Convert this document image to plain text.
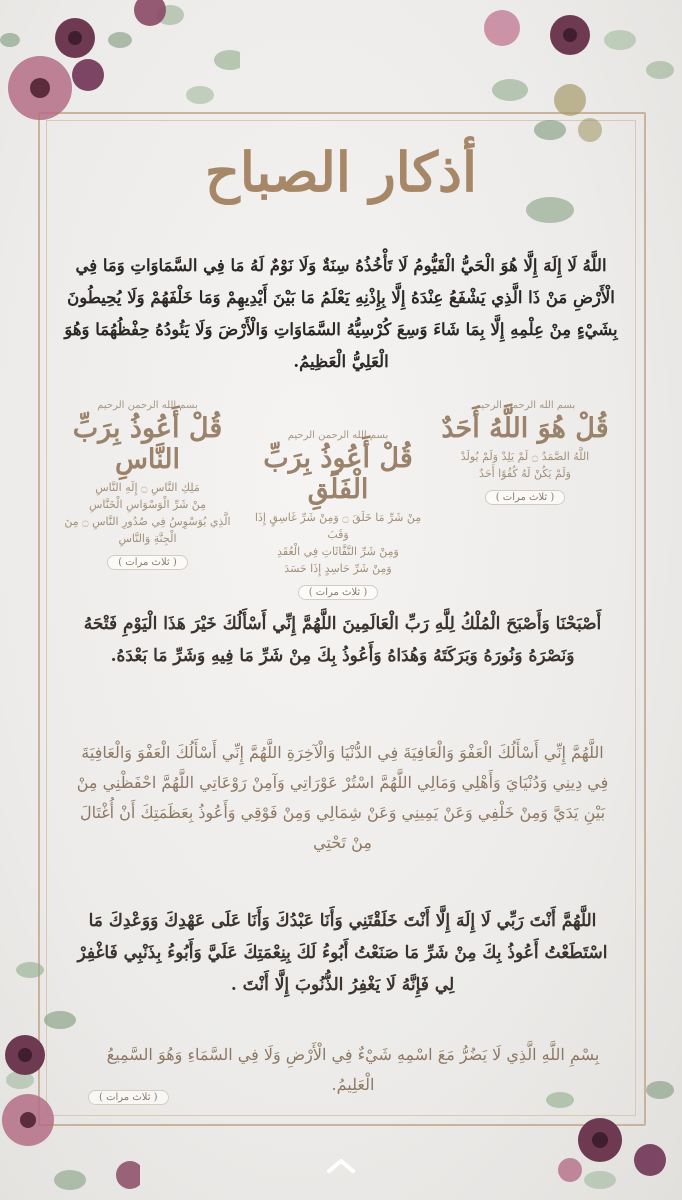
أذكار الصباح
اللَّهُ لَا إِلَهَ إِلَّا هُوَ الْحَيُّ الْقَيُّومُ لَا تَأْخُذُهُ سِنَةٌ وَلَا نَوْمٌ لَهُ مَا فِي السَّمَاوَاتِ وَمَا فِي الْأَرْضِ مَنْ ذَا الَّذِي يَشْفَعُ عِنْدَهُ إِلَّا بِإِذْنِهِ يَعْلَمُ مَا بَيْنَ أَيْدِيهِمْ وَمَا خَلْفَهُمْ وَلَا يُحِيطُونَ بِشَيْءٍ مِنْ عِلْمِهِ إِلَّا بِمَا شَاءَ وَسِعَ كُرْسِيُّهُ السَّمَاوَاتِ وَالْأَرْضَ وَلَا يَئُودُهُ حِفْظُهُمَا وَهُوَ الْعَلِيُّ الْعَظِيمُ.
بسم الله الرحمن الرحيم
قُلْ هُوَ اللَّهُ أَحَدٌ
اللَّهُ الصَّمَدُ ۝ لَمْ يَلِدْ وَلَمْ يُولَدْ
وَلَمْ يَكُنْ لَهُ كُفُوًا أَحَدٌ
( ثلاث مرات )
بسم الله الرحمن الرحيم
قُلْ أَعُوذُ بِرَبِّ الْفَلَقِ
مِنْ شَرِّ مَا خَلَقَ ۝ وَمِنْ شَرِّ غَاسِقٍ إِذَا وَقَبَ
وَمِنْ شَرِّ النَّفَّاثَاتِ فِي الْعُقَدِ
وَمِنْ شَرِّ حَاسِدٍ إِذَا حَسَدَ
( ثلاث مرات )
بسم الله الرحمن الرحيم
قُلْ أَعُوذُ بِرَبِّ النَّاسِ
مَلِكِ النَّاسِ ۝ إِلَهِ النَّاسِ
مِنْ شَرِّ الْوَسْوَاسِ الْخَنَّاسِ
الَّذِي يُوَسْوِسُ فِي صُدُورِ النَّاسِ ۝ مِنَ الْجِنَّةِ وَالنَّاسِ
( ثلاث مرات )
أَصْبَحْنَا وَأَصْبَحَ الْمُلْكُ لِلَّهِ رَبِّ الْعَالَمِينَ اللَّهُمَّ إِنِّي أَسْأَلُكَ خَيْرَ هَذَا الْيَوْمِ فَتْحَهُ وَنَصْرَهُ وَنُورَهُ وَبَرَكَتَهُ وَهُدَاهُ وَأَعُوذُ بِكَ مِنْ شَرِّ مَا فِيهِ وَشَرِّ مَا بَعْدَهُ.
اللَّهُمَّ إِنِّي أَسْأَلُكَ الْعَفْوَ وَالْعَافِيَةَ فِي الدُّنْيَا وَالْآخِرَةِ اللَّهُمَّ إِنِّي أَسْأَلُكَ الْعَفْوَ وَالْعَافِيَةَ فِي دِينِي وَدُنْيَايَ وَأَهْلِي وَمَالِي اللَّهُمَّ اسْتُرْ عَوْرَاتِي وَآمِنْ رَوْعَاتِي اللَّهُمَّ احْفَظْنِي مِنْ بَيْنِ يَدَيَّ وَمِنْ خَلْفِي وَعَنْ يَمِينِي وَعَنْ شِمَالِي وَمِنْ فَوْقِي وَأَعُوذُ بِعَظَمَتِكَ أَنْ أُغْتَالَ مِنْ تَحْتِي
اللَّهُمَّ أَنْتَ رَبِّي لَا إِلَهَ إِلَّا أَنْتَ خَلَقْتَنِي وَأَنَا عَبْدُكَ وَأَنَا عَلَى عَهْدِكَ وَوَعْدِكَ مَا اسْتَطَعْتُ أَعُوذُ بِكَ مِنْ شَرِّ مَا صَنَعْتُ أَبُوءُ لَكَ بِنِعْمَتِكَ عَلَيَّ وَأَبُوءُ بِذَنْبِي فَاغْفِرْ لِي فَإِنَّهُ لَا يَغْفِرُ الذُّنُوبَ إِلَّا أَنْتَ .
بِسْمِ اللَّهِ الَّذِي لَا يَضُرُّ مَعَ اسْمِهِ شَيْءٌ فِي الْأَرْضِ وَلَا فِي السَّمَاءِ وَهُوَ السَّمِيعُ الْعَلِيمُ.
( ثلاث مرات )
